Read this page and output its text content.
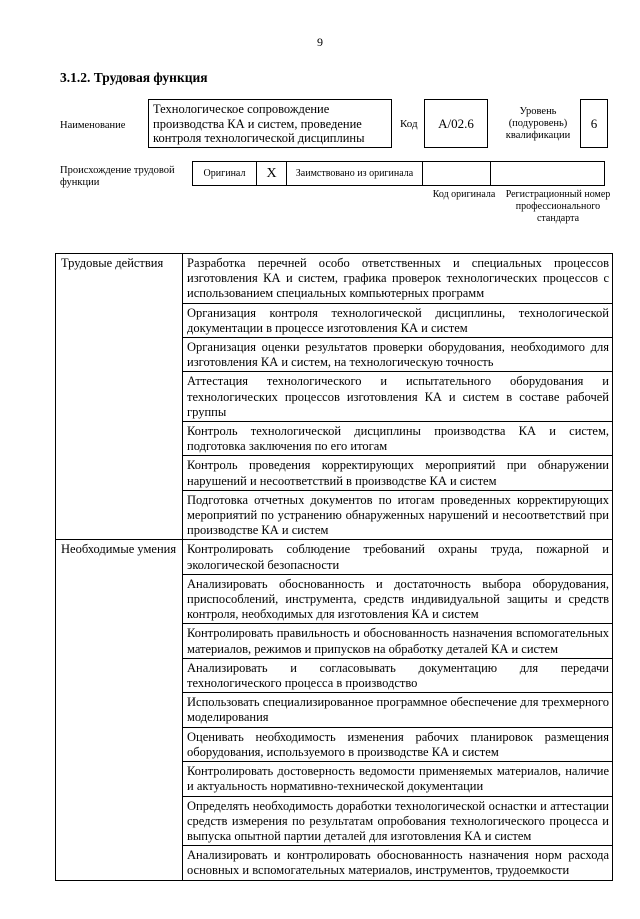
9
3.1.2. Трудовая функция
Наименование
Технологическое сопровождение производства КА и систем, проведение контроля технологической дисциплины
Код A/02.6
Уровень (подуровень) квалификации
6
Происхождение трудовой функции
Оригинал	X	Заимствовано из оригинала		
Код оригинала	Регистрационный номер профессионального стандарта
Трудовые действия	Разработка перечней особо ответственных и специальных процессов изготовления КА и систем, графика проверок технологических процессов с использованием специальных компьютерных программ
	Организация контроля технологической дисциплины, технологической документации в процессе изготовления КА и систем
	Организация оценки результатов проверки оборудования, необходимого для изготовления КА и систем, на технологическую точность
	Аттестация технологического и испытательного оборудования и технологических процессов изготовления КА и систем в составе рабочей группы
	Контроль технологической дисциплины производства КА и систем, подготовка заключения по его итогам
	Контроль проведения корректирующих мероприятий при обнаружении нарушений и несоответствий в производстве КА и систем
	Подготовка отчетных документов по итогам проведенных корректирующих мероприятий по устранению обнаруженных нарушений и несоответствий при производстве КА и систем
Необходимые умения	Контролировать соблюдение требований охраны труда, пожарной и экологической безопасности
	Анализировать обоснованность и достаточность выбора оборудования, приспособлений, инструмента, средств индивидуальной защиты и средств контроля, необходимых для изготовления КА и систем
	Контролировать правильность и обоснованность назначения вспомогательных материалов, режимов и припусков на обработку деталей КА и систем
	Анализировать и согласовывать документацию для передачи технологического процесса в производство
	Использовать специализированное программное обеспечение для трехмерного моделирования
	Оценивать необходимость изменения рабочих планировок размещения оборудования, используемого в производстве КА и систем
	Контролировать достоверность ведомости применяемых материалов, наличие и актуальность нормативно-технической документации
	Определять необходимость доработки технологической оснастки и аттестации средств измерения по результатам опробования технологического процесса и выпуска опытной партии деталей для изготовления КА и систем
	Анализировать и контролировать обоснованность назначения норм расхода основных и вспомогательных материалов, инструментов, трудоемкости
